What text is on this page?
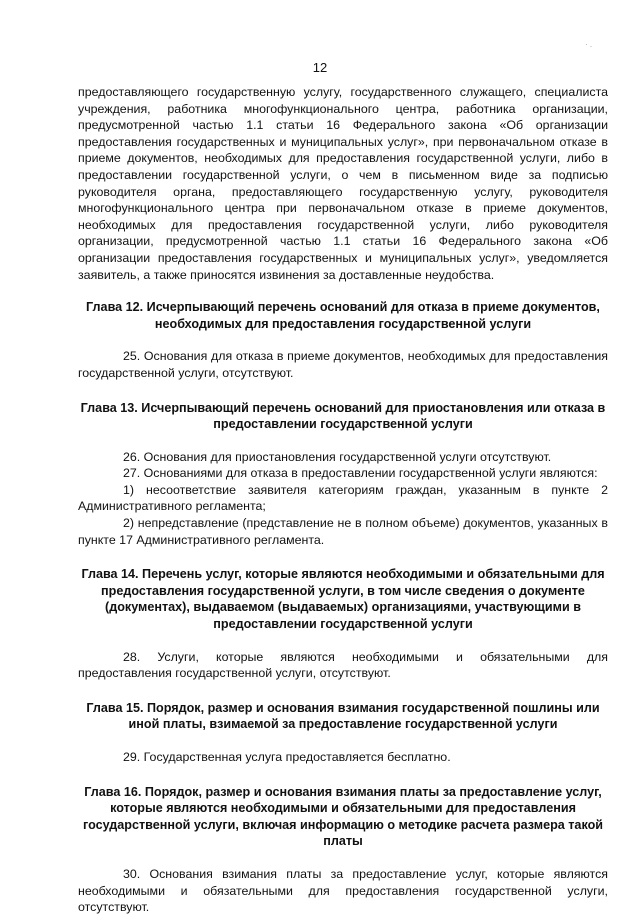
· .
12

предоставляющего государственную услугу, государственного служащего, специалиста учреждения, работника многофункционального центра, работника организации, предусмотренной частью 1.1 статьи 16 Федерального закона «Об организации предоставления государственных и муниципальных услуг», при первоначальном отказе в приеме документов, необходимых для предоставления государственной услуги, либо в предоставлении государственной услуги, о чем в письменном виде за подписью руководителя органа, предоставляющего государственную услугу, руководителя многофункционального центра при первоначальном отказе в приеме документов, необходимых для предоставления государственной услуги, либо руководителя организации, предусмотренной частью 1.1 статьи 16 Федерального закона «Об организации предоставления государственных и муниципальных услуг», уведомляется заявитель, а также приносятся извинения за доставленные неудобства.

Глава 12. Исчерпывающий перечень оснований для отказа в приеме документов, необходимых для предоставления государственной услуги

25. Основания для отказа в приеме документов, необходимых для предоставления государственной услуги, отсутствуют.

Глава 13. Исчерпывающий перечень оснований для приостановления или отказа в предоставлении государственной услуги

26. Основания для приостановления государственной услуги отсутствуют.

27. Основаниями для отказа в предоставлении государственной услуги являются:

1) несоответствие заявителя категориям граждан, указанным в пункте 2 Административного регламента;

2) непредставление (представление не в полном объеме) документов, указанных в пункте 17 Административного регламента.

Глава 14. Перечень услуг, которые являются необходимыми и обязательными для предоставления государственной услуги, в том числе сведения о документе (документах), выдаваемом (выдаваемых) организациями, участвующими в предоставлении государственной услуги

28. Услуги, которые являются необходимыми и обязательными для предоставления государственной услуги, отсутствуют.

Глава 15. Порядок, размер и основания взимания государственной пошлины или иной платы, взимаемой за предоставление государственной услуги

29. Государственная услуга предоставляется бесплатно.

Глава 16. Порядок, размер и основания взимания платы за предоставление услуг, которые являются необходимыми и обязательными для предоставления государственной услуги, включая информацию о методике расчета размера такой платы

30. Основания взимания платы за предоставление услуг, которые являются необходимыми и обязательными для предоставления государственной услуги, отсутствуют.
